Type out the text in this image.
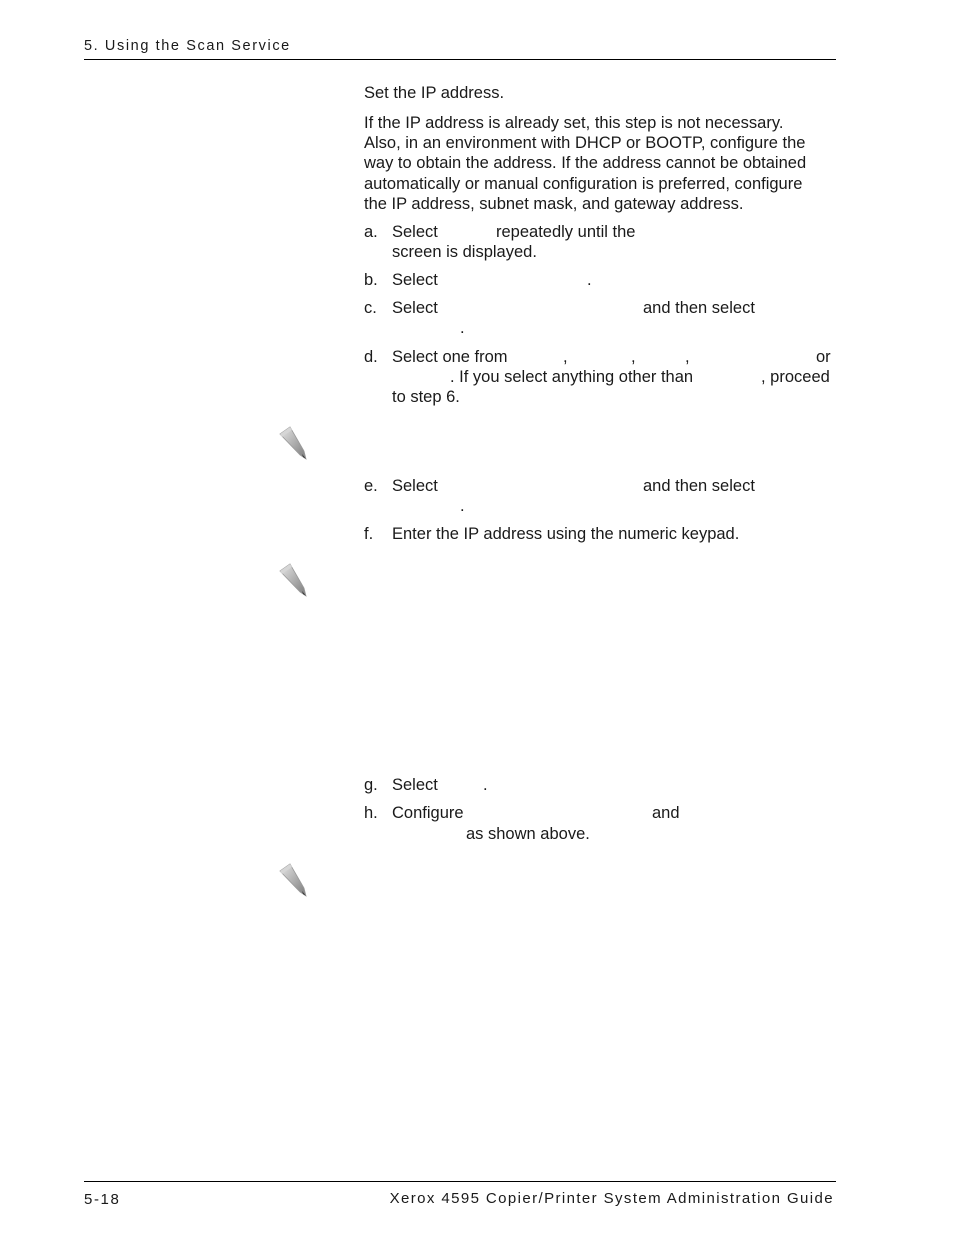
5. Using the Scan Service
Set the IP address.
If the IP address is already set, this step is not necessary.
Also, in an environment with DHCP or BOOTP, configure the
way to obtain the address. If the address cannot be obtained
automatically or manual configuration is preferred, configure
the IP address, subnet mask, and gateway address.
a. Select	repeatedly until the
screen is displayed.
b. Select	.
c. Select	and then select
.
d. Select one from	,	,	,	or
. If you select anything other than	, proceed
to step 6.
e. Select	and then select
.
f. Enter the IP address using the numeric keypad.
g. Select	.
h. Configure	and
as shown above.
5-18	Xerox 4595 Copier/Printer System Administration Guide
